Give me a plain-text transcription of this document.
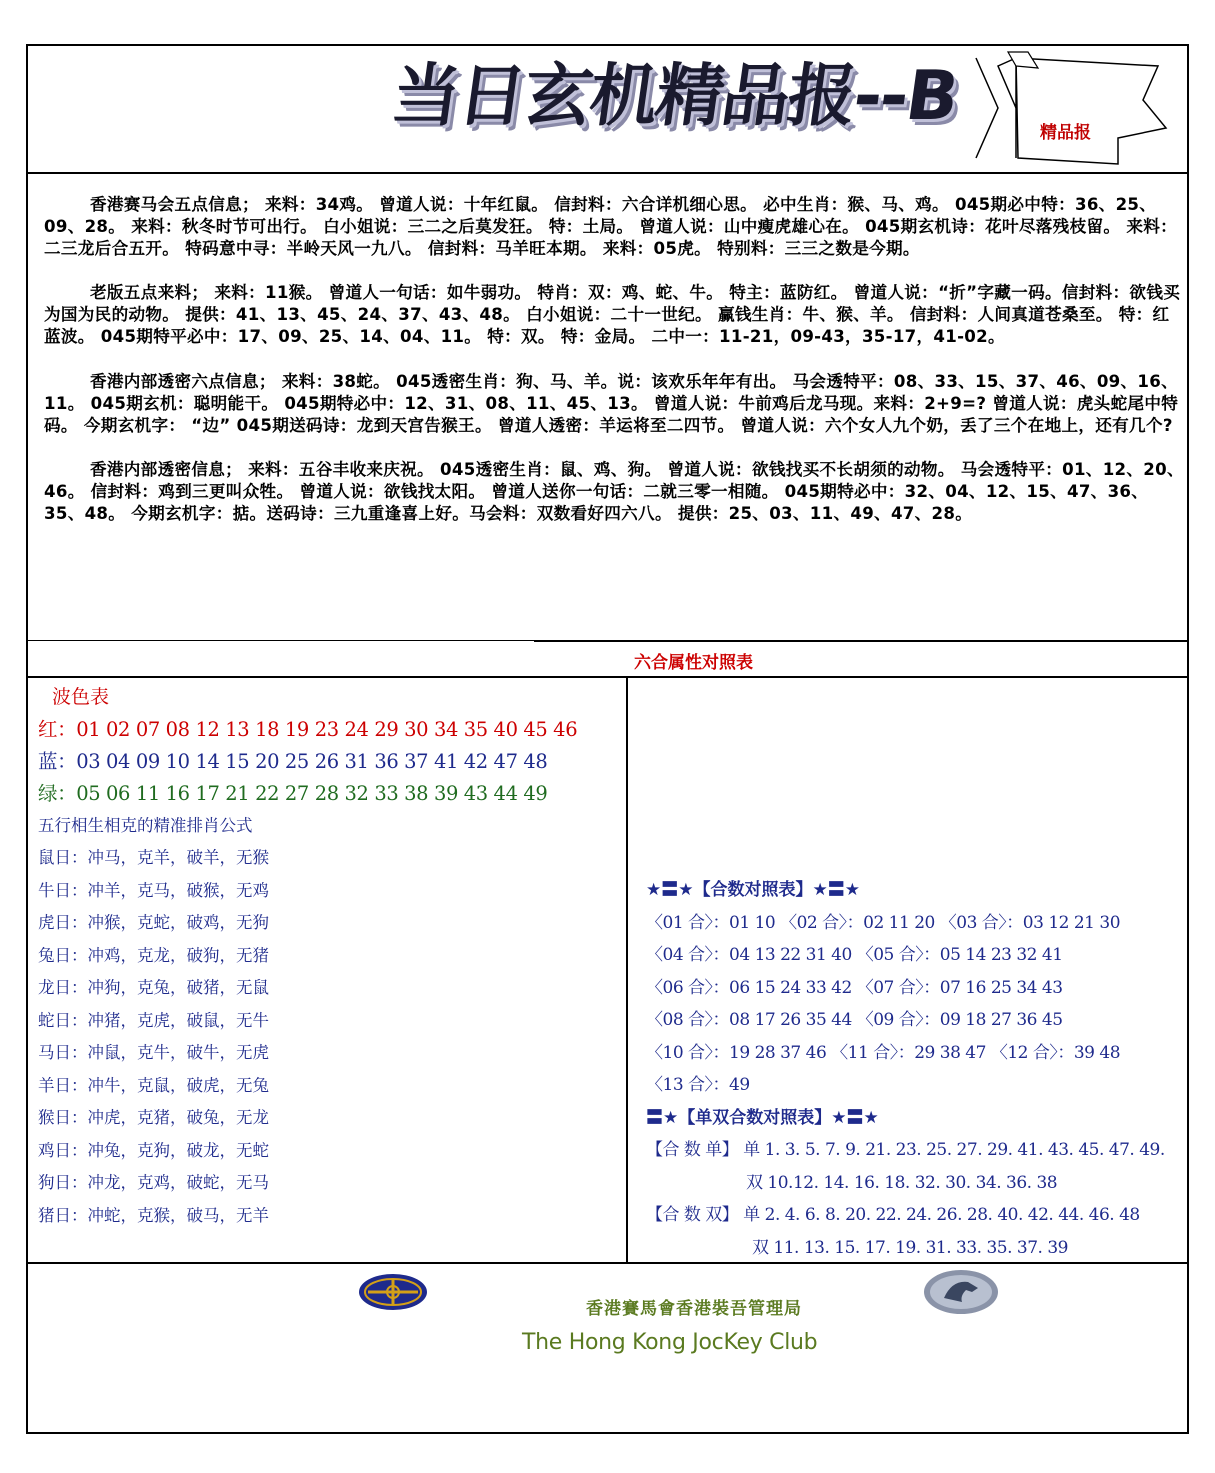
当日玄机精品报--B	精品报

香港赛马会五点信息； 来料：34鸡。 曾道人说：十年红鼠。 信封料：六合详机细心思。 必中生肖：猴、马、鸡。 045期必中特：36、25、09、28。 来料：秋冬时节可出行。 白小姐说：三二之后莫发狂。 特：土局。 曾道人说：山中瘦虎雄心在。 045期玄机诗：花叶尽落残枝留。 来料：二三龙后合五开。 特码意中寻：半岭天风一九八。 信封料：马羊旺本期。 来料：05虎。 特别料：三三之数是今期。

老版五点来料； 来料：11猴。 曾道人一句话：如牛弱功。 特肖：双：鸡、蛇、牛。 特主：蓝防红。 曾道人说：“折”字藏一码。信封料：欲钱买为国为民的动物。 提供：41、13、45、24、37、43、48。 白小姐说：二十一世纪。 赢钱生肖：牛、猴、羊。 信封料：人间真道苍桑至。 特：红蓝波。 045期特平必中：17、09、25、14、04、11。 特：双。 特：金局。 二中一：11-21，09-43，35-17，41-02。

香港内部透密六点信息； 来料：38蛇。 045透密生肖：狗、马、羊。说：该欢乐年年有出。 马会透特平：08、33、15、37、46、09、16、11。 045期玄机：聪明能干。 045期特必中：12、31、08、11、45、13。 曾道人说：牛前鸡后龙马现。来料：2+9=? 曾道人说：虎头蛇尾中特码。 今期玄机字： “边” 045期送码诗：龙到天宫告猴王。 曾道人透密：羊运将至二四节。 曾道人说：六个女人九个奶，丢了三个在地上，还有几个?

香港内部透密信息； 来料：五谷丰收来庆祝。 045透密生肖：鼠、鸡、狗。 曾道人说：欲钱找买不长胡须的动物。 马会透特平：01、12、20、46。 信封料：鸡到三更叫众牲。 曾道人说：欲钱找太阳。 曾道人送你一句话：二就三零一相随。 045期特必中：32、04、12、15、47、36、35、48。 今期玄机字：掂。送码诗：三九重逢喜上好。马会料：双数看好四六八。 提供：25、03、11、49、47、28。

六合属性对照表
波色表
红：01 02 07 08 12 13 18 19 23 24 29 30 34 35 40 45 46
蓝：03 04 09 10 14 15 20 25 26 31 36 37 41 42 47 48
绿：05 06 11 16 17 21 22 27 28 32 33 38 39 43 44 49
五行相生相克的精准排肖公式
鼠日：冲马，克羊，破羊，无猴
牛日：冲羊，克马，破猴，无鸡
虎日：冲猴，克蛇，破鸡，无狗
兔日：冲鸡，克龙，破狗，无猪
龙日：冲狗，克兔，破猪，无鼠
蛇日：冲猪，克虎，破鼠，无牛
马日：冲鼠，克牛，破牛，无虎
羊日：冲牛，克鼠，破虎，无兔
猴日：冲虎，克猪，破兔，无龙
鸡日：冲兔，克狗，破龙，无蛇
狗日：冲龙，克鸡，破蛇，无马
猪日：冲蛇，克猴，破马，无羊
★〓★【合数对照表】★〓★
〈01 合〉：01 10 〈02 合〉：02 11 20 〈03 合〉：03 12 21 30
〈04 合〉：04 13 22 31 40 〈05 合〉：05 14 23 32 41
〈06 合〉：06 15 24 33 42 〈07 合〉：07 16 25 34 43
〈08 合〉：08 17 26 35 44 〈09 合〉：09 18 27 36 45
〈10 合〉：19 28 37 46 〈11 合〉：29 38 47 〈12 合〉：39 48
〈13 合〉：49
〓★【单双合数对照表】★〓★
【合 数 单】 单 1. 3. 5. 7. 9. 21. 23. 25. 27. 29. 41. 43. 45. 47. 49.
双 10.12. 14. 16. 18. 32. 30. 34. 36. 38
【合 数 双】 单 2. 4. 6. 8. 20. 22. 24. 26. 28. 40. 42. 44. 46. 48
双 11. 13. 15. 17. 19. 31. 33. 35. 37. 39
香港賽馬會香港裝吾管理局
The Hong Kong JocKey Club
